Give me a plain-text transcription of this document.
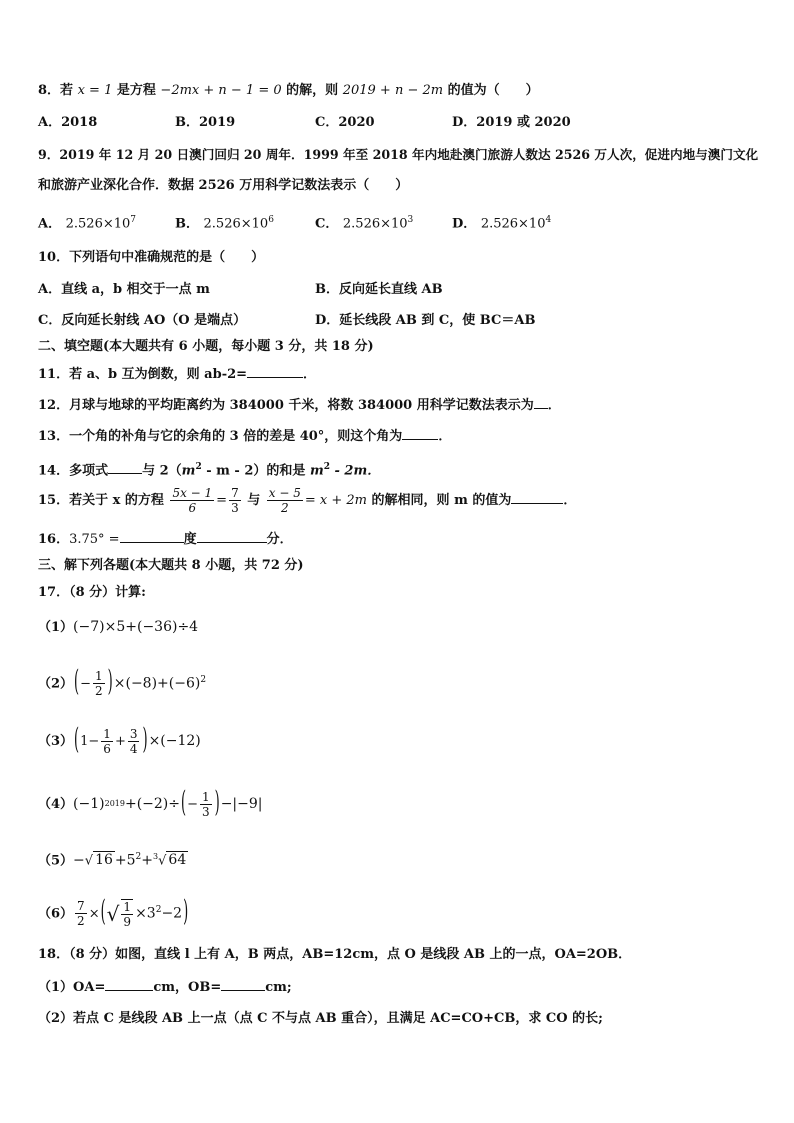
8．若 x = 1 是方程 −2mx + n − 1 = 0 的解，则 2019 + n − 2m 的值为（　　）
A．2018	B．2019	C．2020	D．2019 或 2020
9．2019 年 12 月 20 日澳门回归 20 周年．1999 年至 2018 年内地赴澳门旅游人数达 2526 万人次，促进内地与澳门文化
和旅游产业深化合作．数据 2526 万用科学记数法表示（　　）
A． $2.526\times 10^7$	B． $2.526\times 10^6$	C． $2.526\times 10^3$	D． $2.526\times 10^4$
10．下列语句中准确规范的是（　　）
A．直线 a，b 相交于一点 m	B．反向延长直线 AB
C．反向延长射线 AO（O 是端点）	D．延长线段 AB 到 C，使 BC＝AB
二、填空题(本大题共有 6 小题，每小题 3 分，共 18 分)
11．若 a、b 互为倒数，则 ab-2=	．
12．月球与地球的平均距离约为 384000 千米，将数 384000 用科学记数法表示为 ．
13．一个角的补角与它的余角的 3 倍的差是 40°，则这个角为	．
14．多项式	与 $2(m^2$ - m - 2）的和是 $m^2 - 2m$．
15．若关于 x 的方程 $\frac{5x - 1}{6} = \frac{7}{3}$ 与 $\frac{x - 5}{2} = x + 2m$ 的解相同，则 m 的值为	．
16．3.75° =	度	分．
三、解下列各题(本大题共 8 小题，共 72 分)
17．（8 分）计算:
（1）(−7)×5+(−36)÷4
$(2)(- \frac{1}{2} )\times(-8)+(-6)^2$
$(3)(1- \frac{1}{6} + \frac{3}{4} )\times(-12)$
$(4)(-1)^{2019}+(-2)\div(- \frac{1}{3} )-|-9|$
（5）−√ $16 +5^2+^3√$ 64
$(6) \frac{7}{2}$ ×(√ $\frac{1}{9} \times 3^2-2$)
18．（8 分）如图，直线 l 上有 A，B 两点，AB=12cm，点 O 是线段 AB 上的一点，OA=2OB．
（1）OA=	cm，OB=	cm;
（2）若点 C 是线段 AB 上一点（点 C 不与点 AB 重合），且满足 AC=CO+CB，求 CO 的长;
